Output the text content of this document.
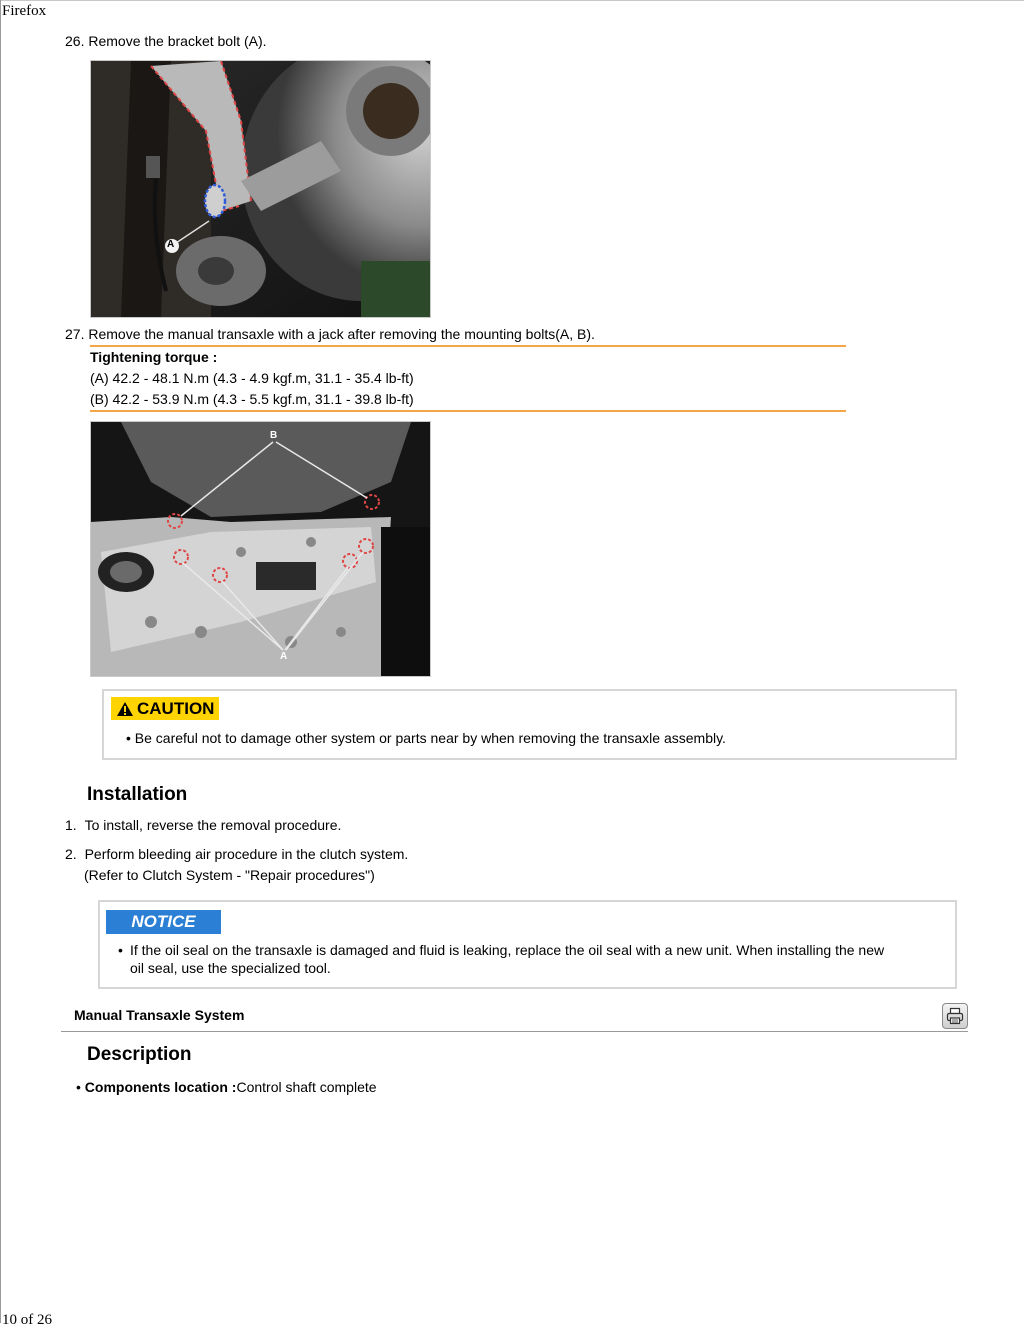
Firefox
26. Remove the bracket bolt (A).
A
27. Remove the manual transaxle with a jack after removing the mounting bolts(A, B).
Tightening torque :
(A) 42.2 - 48.1 N.m (4.3 - 4.9 kgf.m, 31.1 - 35.4 lb-ft)
(B) 42.2 - 53.9 N.m (4.3 - 5.5 kgf.m, 31.1 - 39.8 lb-ft)
B
A
CAUTION
• Be careful not to damage other system or parts near by when removing the transaxle assembly.
Installation
1. To install, reverse the removal procedure.
2. Perform bleeding air procedure in the clutch system.
(Refer to Clutch System - "Repair procedures")
NOTICE
• If the oil seal on the transaxle is damaged and fluid is leaking, replace the oil seal with a new unit. When installing the new
oil seal, use the specialized tool.
Manual Transaxle System
Description
• Components location :Control shaft complete
10 of 26
